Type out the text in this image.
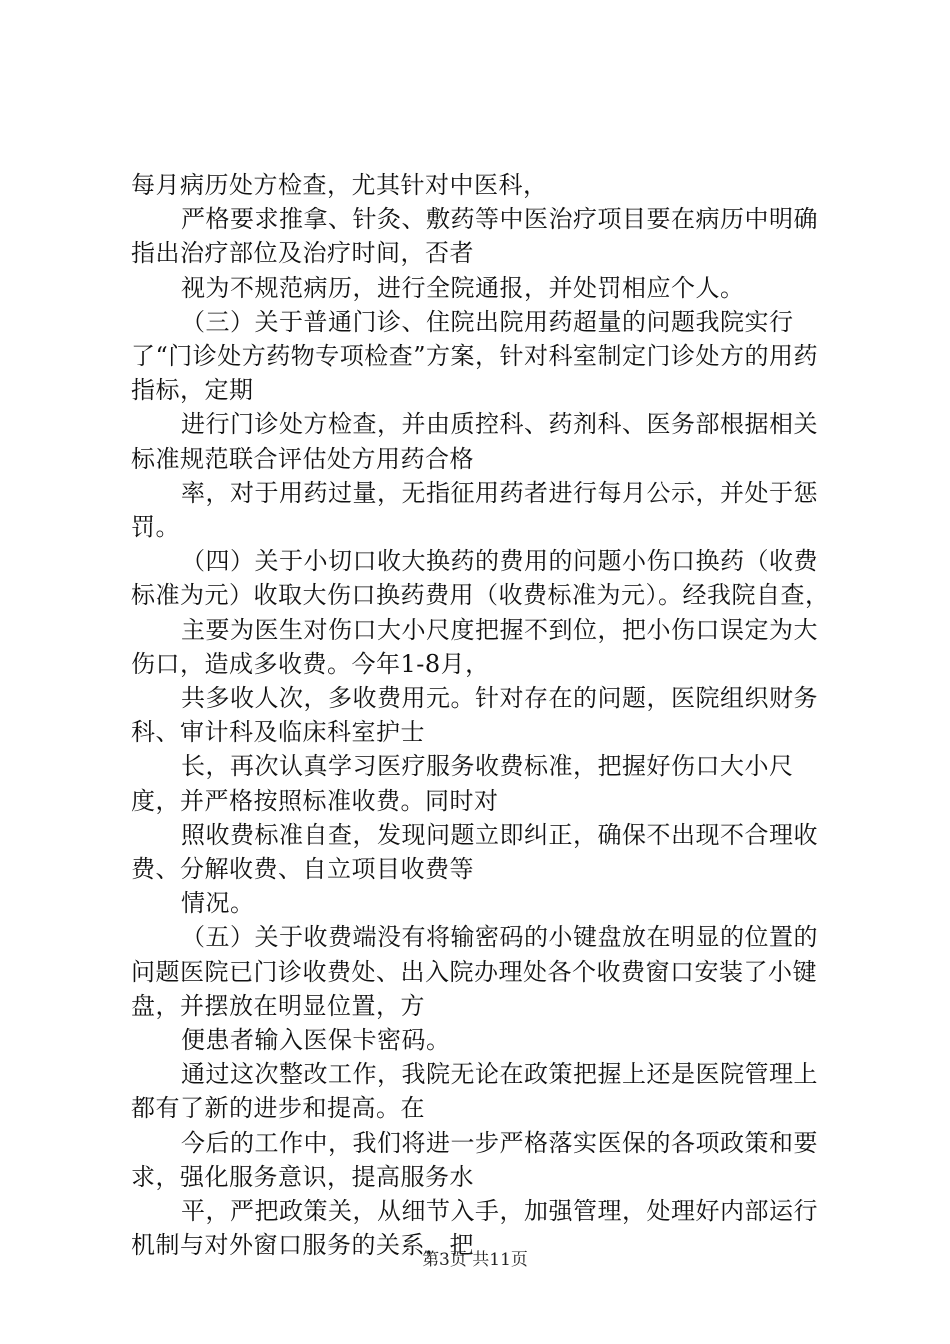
每月病历处方检查，尤其针对中医科，

严格要求推拿、针灸、敷药等中医治疗项目要在病历中明确指出治疗部位及治疗时间，否者

视为不规范病历，进行全院通报，并处罚相应个人。

（三）关于普通门诊、住院出院用药超量的问题我院实行了“门诊处方药物专项检查”方案，针对科室制定门诊处方的用药指标，定期

进行门诊处方检查，并由质控科、药剂科、医务部根据相关标准规范联合评估处方用药合格

率，对于用药过量，无指征用药者进行每月公示，并处于惩罚。

（四）关于小切口收大换药的费用的问题小伤口换药（收费标准为元）收取大伤口换药费用（收费标准为元）。经我院自查，

主要为医生对伤口大小尺度把握不到位，把小伤口误定为大伤口，造成多收费。今年1-8月，

共多收人次，多收费用元。针对存在的问题，医院组织财务科、审计科及临床科室护士

长，再次认真学习医疗服务收费标准，把握好伤口大小尺度，并严格按照标准收费。同时对

照收费标准自查，发现问题立即纠正，确保不出现不合理收费、分解收费、自立项目收费等

情况。

（五）关于收费端没有将输密码的小键盘放在明显的位置的问题医院已门诊收费处、出入院办理处各个收费窗口安装了小键盘，并摆放在明显位置，方

便患者输入医保卡密码。

通过这次整改工作，我院无论在政策把握上还是医院管理上都有了新的进步和提高。在

今后的工作中，我们将进一步严格落实医保的各项政策和要求，强化服务意识，提高服务水

平，严把政策关，从细节入手，加强管理，处理好内部运行机制与对外窗口服务的关系，把

第3页 共11页
